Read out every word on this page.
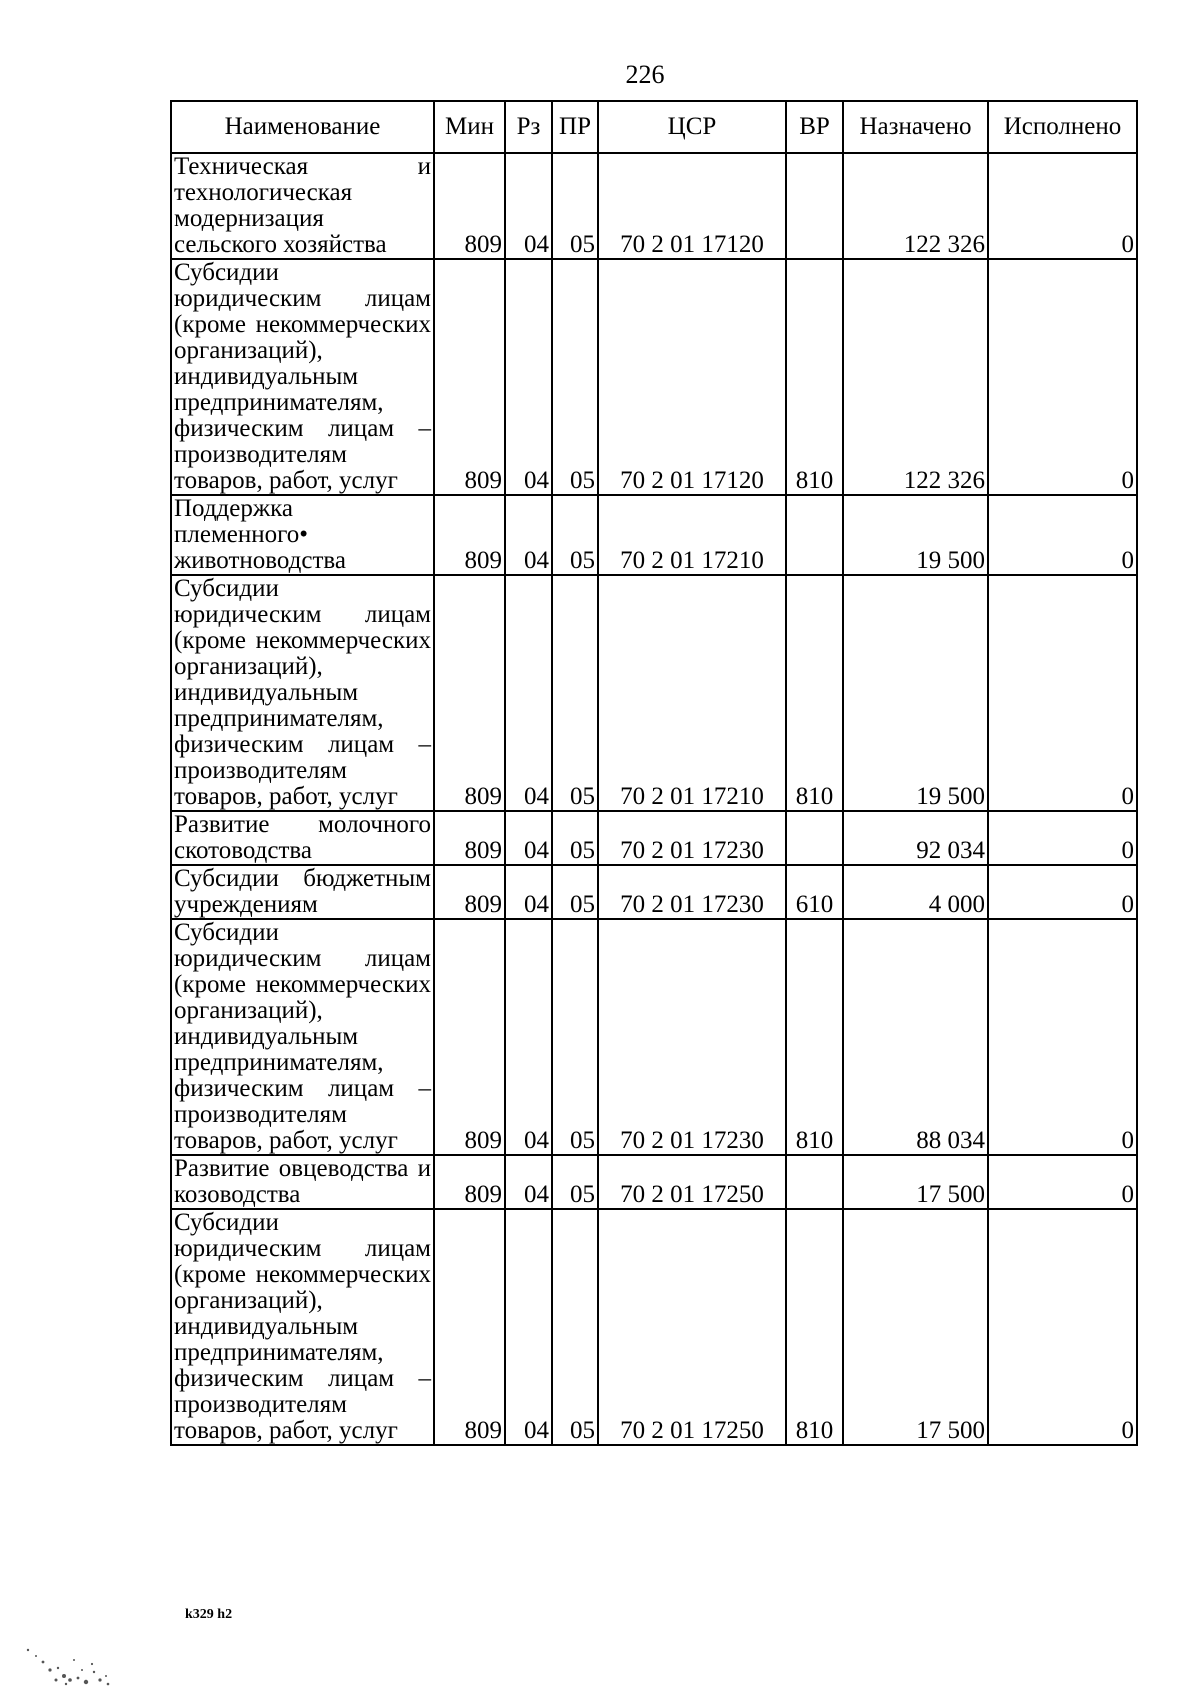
226
Наименование	Мин	Рз	ПР	ЦСР	ВР	Назначено	Исполнено
Техническая и технологическая модернизация сельского хозяйства	809	04	05	70 2 01 17120		122 326	0
Субсидии юридическим лицам (кроме некоммерческих организаций), индивидуальным предпринимателям, физическим лицам – производителям товаров, работ, услуг	809	04	05	70 2 01 17120	810	122 326	0
Поддержка племенного• животноводства	809	04	05	70 2 01 17210		19 500	0
Субсидии юридическим лицам (кроме некоммерческих организаций), индивидуальным предпринимателям, физическим лицам – производителям товаров, работ, услуг	809	04	05	70 2 01 17210	810	19 500	0
Развитие молочного скотоводства	809	04	05	70 2 01 17230		92 034	0
Субсидии бюджетным учреждениям	809	04	05	70 2 01 17230	610	4 000	0
Субсидии юридическим лицам (кроме некоммерческих организаций), индивидуальным предпринимателям, физическим лицам – производителям товаров, работ, услуг	809	04	05	70 2 01 17230	810	88 034	0
Развитие овцеводства и козоводства	809	04	05	70 2 01 17250		17 500	0
Субсидии юридическим лицам (кроме некоммерческих организаций), индивидуальным предпринимателям, физическим лицам – производителям товаров, работ, услуг	809	04	05	70 2 01 17250	810	17 500	0
k329 h2
